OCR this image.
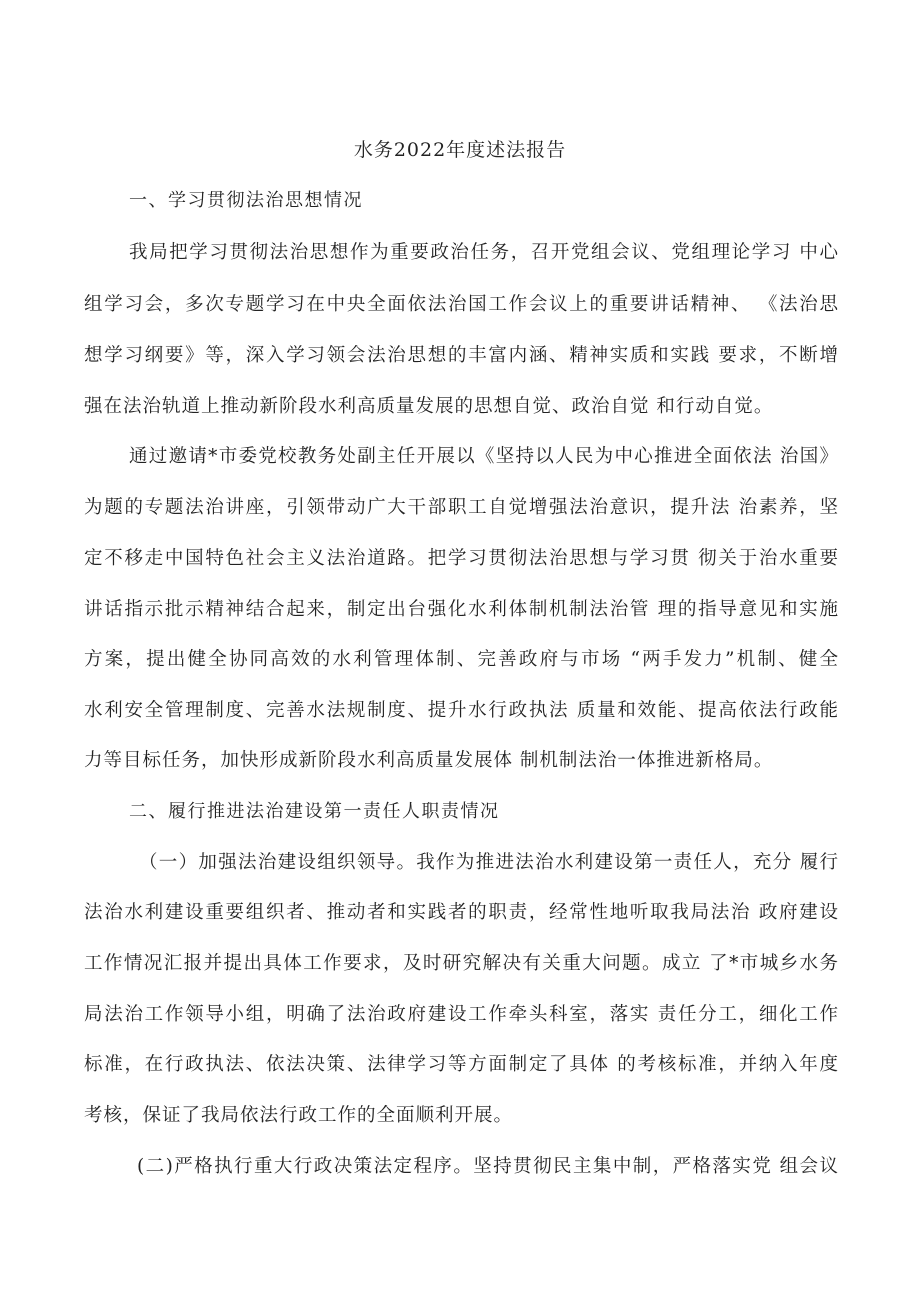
水务2022年度述法报告
一、学习贯彻法治思想情况
我局把学习贯彻法治思想作为重要政治任务，召开党组会议、党组理论学习 中心
组学习会，多次专题学习在中央全面依法治国工作会议上的重要讲话精神、 《法治思
想学习纲要》等，深入学习领会法治思想的丰富内涵、精神实质和实践 要求，不断增
强在法治轨道上推动新阶段水利高质量发展的思想自觉、政治自觉 和行动自觉。
通过邀请*市委党校教务处副主任开展以《坚持以人民为中心推进全面依法 治国》
为题的专题法治讲座，引领带动广大干部职工自觉增强法治意识，提升法 治素养，坚
定不移走中国特色社会主义法治道路。把学习贯彻法治思想与学习贯 彻关于治水重要
讲话指示批示精神结合起来，制定出台强化水利体制机制法治管 理的指导意见和实施
方案，提出健全协同高效的水利管理体制、完善政府与市场 “两手发力”机制、健全
水利安全管理制度、完善水法规制度、提升水行政执法 质量和效能、提高依法行政能
力等目标任务，加快形成新阶段水利高质量发展体 制机制法治一体推进新格局。
二、履行推进法治建设第一责任人职责情况
（一）加强法治建设组织领导。我作为推进法治水利建设第一责任人，充分 履行
法治水利建设重要组织者、推动者和实践者的职责，经常性地听取我局法治 政府建设
工作情况汇报并提出具体工作要求，及时研究解决有关重大问题。成立 了*市城乡水务
局法治工作领导小组，明确了法治政府建设工作牵头科室，落实 责任分工，细化工作
标准，在行政执法、依法决策、法律学习等方面制定了具体 的考核标准，并纳入年度
考核，保证了我局依法行政工作的全面顺利开展。
(二)严格执行重大行政决策法定程序。坚持贯彻民主集中制，严格落实党 组会议
